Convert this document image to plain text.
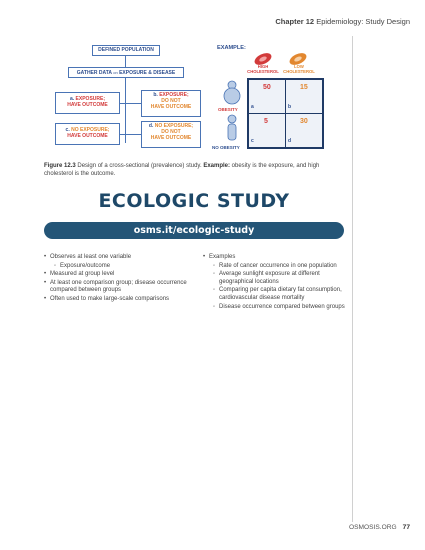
Chapter 12 Epidemiology: Study Design
DEFINED POPULATION
GATHER DATA on EXPOSURE & DISEASE
a. EXPOSURE;
HAVE OUTCOME
b. EXPOSURE;
DO NOT
HAVE OUTCOME
c. NO EXPOSURE;
HAVE OUTCOME
d. NO EXPOSURE;
DO NOT
HAVE OUTCOME
EXAMPLE:
HIGH
CHOLESTEROL
LOW
CHOLESTEROL
OBESITY
NO OBESITY
50
a
15
b
5
c
30
d
Figure 12.3 Design of a cross-sectional (prevalence) study. Example: obesity is the exposure, and high cholesterol is the outcome.
ECOLOGIC STUDY
osms.it/ecologic-study
• Observes at least one variable
◦ Exposure/outcome
• Measured at group level
• At least one comparison group; disease occurrence compared between groups
• Often used to make large-scale comparisons
• Examples
◦ Rate of cancer occurrence in one population
◦ Average sunlight exposure at different geographical locations
◦ Comparing per capita dietary fat consumption, cardiovascular disease mortality
◦ Disease occurrence compared between groups
OSMOSIS.ORG 77
